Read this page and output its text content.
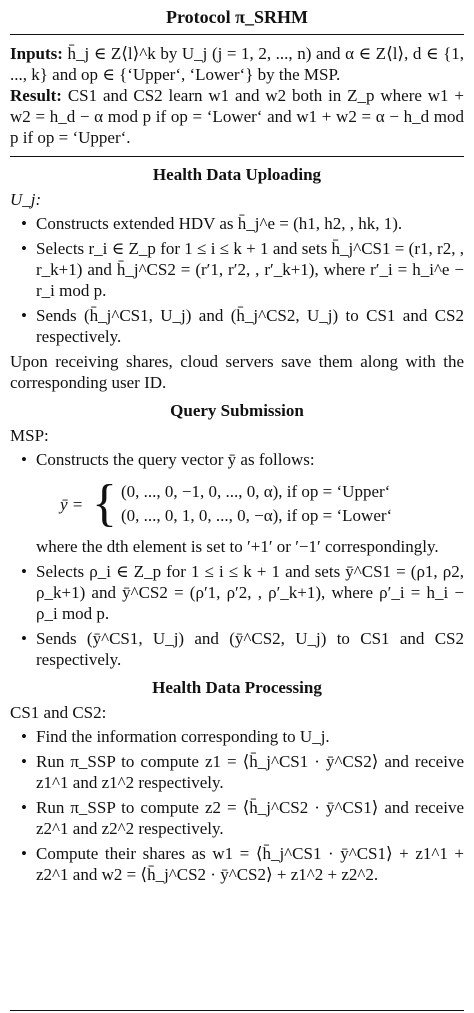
Protocol π_SRHM
Inputs: h̄_j ∈ Z⟨l⟩^k by U_j (j = 1, 2, ..., n) and α ∈ Z⟨l⟩, d ∈ {1, ..., k} and op ∈ {‘Upper‘, ‘Lower‘} by the MSP.
Result: CS1 and CS2 learn w1 and w2 both in Z_p where w1 + w2 = h_d − α mod p if op = ‘Lower‘ and w1 + w2 = α − h_d mod p if op = ‘Upper‘.
Health Data Uploading
U_j:
• Constructs extended HDV as h̄_j^e = (h1, h2, , hk, 1).
• Selects r_i ∈ Z_p for 1 ≤ i ≤ k + 1 and sets h̄_j^CS1 = (r1, r2, , r_k+1) and h̄_j^CS2 = (r′1, r′2, , r′_k+1), where r′_i = h_i^e − r_i mod p.
• Sends (h̄_j^CS1, U_j) and (h̄_j^CS2, U_j) to CS1 and CS2 respectively.

Upon receiving shares, cloud servers save them along with the corresponding user ID.

Query Submission
MSP:
• Constructs the query vector ȳ as follows:
ȳ = { (0, ..., 0, −1, 0, ..., 0, α), if op = ‘Upper‘
(0, ..., 0, 1, 0, ..., 0, −α), if op = ‘Lower‘
where the dth element is set to ′+1′ or ′−1′ correspondingly.
• Selects ρ_i ∈ Z_p for 1 ≤ i ≤ k + 1 and sets ȳ^CS1 = (ρ1, ρ2, ρ_k+1) and ȳ^CS2 = (ρ′1, ρ′2, , ρ′_k+1), where ρ′_i = h_i − ρ_i mod p.
• Sends (ȳ^CS1, U_j) and (ȳ^CS2, U_j) to CS1 and CS2 respectively.
Health Data Processing
CS1 and CS2:
• Find the information corresponding to U_j.
• Run π_SSP to compute z1 = ⟨h̄_j^CS1 · ȳ^CS2⟩ and receive z1^1 and z1^2 respectively.
• Run π_SSP to compute z2 = ⟨h̄_j^CS2 · ȳ^CS1⟩ and receive z2^1 and z2^2 respectively.
• Compute their shares as w1 = ⟨h̄_j^CS1 · ȳ^CS1⟩ + z1^1 + z2^1 and w2 = ⟨h̄_j^CS2 · ȳ^CS2⟩ + z1^2 + z2^2.
